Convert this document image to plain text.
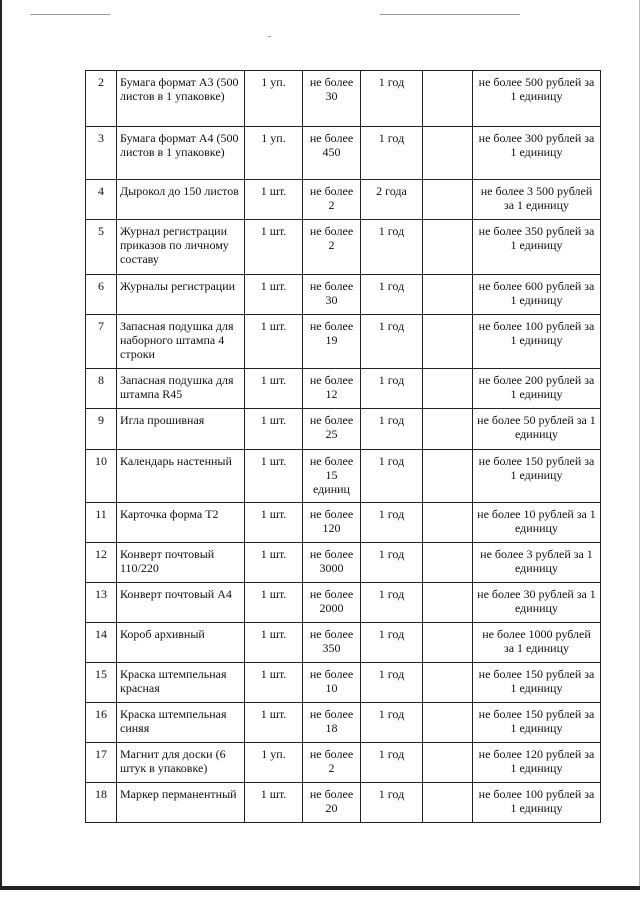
2	Бумага формат А3 (500 листов в 1 упаковке)	1 уп.	не более 30	1 год		не более 500 рублей за 1 единицу
3	Бумага формат А4 (500 листов в 1 упаковке)	1 уп.	не более 450	1 год		не более 300 рублей за 1 единицу
4	Дырокол до 150 листов	1 шт.	не более 2	2 года		не более 3 500 рублей за 1 единицу
5	Журнал регистрации приказов по личному составу	1 шт.	не более 2	1 год		не более 350 рублей за 1 единицу
6	Журналы регистрации	1 шт.	не более 30	1 год		не более 600 рублей за 1 единицу
7	Запасная подушка для наборного штампа 4 строки	1 шт.	не более 19	1 год		не более 100 рублей за 1 единицу
8	Запасная подушка для штампа R45	1 шт.	не более 12	1 год		не более 200 рублей за 1 единицу
9	Игла прошивная	1 шт.	не более 25	1 год		не более 50 рублей за 1 единицу
10	Календарь настенный	1 шт.	не более 15 единиц	1 год		не более 150 рублей за 1 единицу
11	Карточка форма Т2	1 шт.	не более 120	1 год		не более 10 рублей за 1 единицу
12	Конверт почтовый 110/220	1 шт.	не более 3000	1 год		не более 3 рублей за 1 единицу
13	Конверт почтовый А4	1 шт.	не более 2000	1 год		не более 30 рублей за 1 единицу
14	Короб архивный	1 шт.	не более 350	1 год		не более 1000 рублей за 1 единицу
15	Краска штемпельная красная	1 шт.	не более 10	1 год		не более 150 рублей за 1 единицу
16	Краска штемпельная синяя	1 шт.	не более 18	1 год		не более 150 рублей за 1 единицу
17	Магнит для доски (6 штук в упаковке)	1 уп.	не более 2	1 год		не более 120 рублей за 1 единицу
18	Маркер перманентный	1 шт.	не более 20	1 год		не более 100 рублей за 1 единицу
